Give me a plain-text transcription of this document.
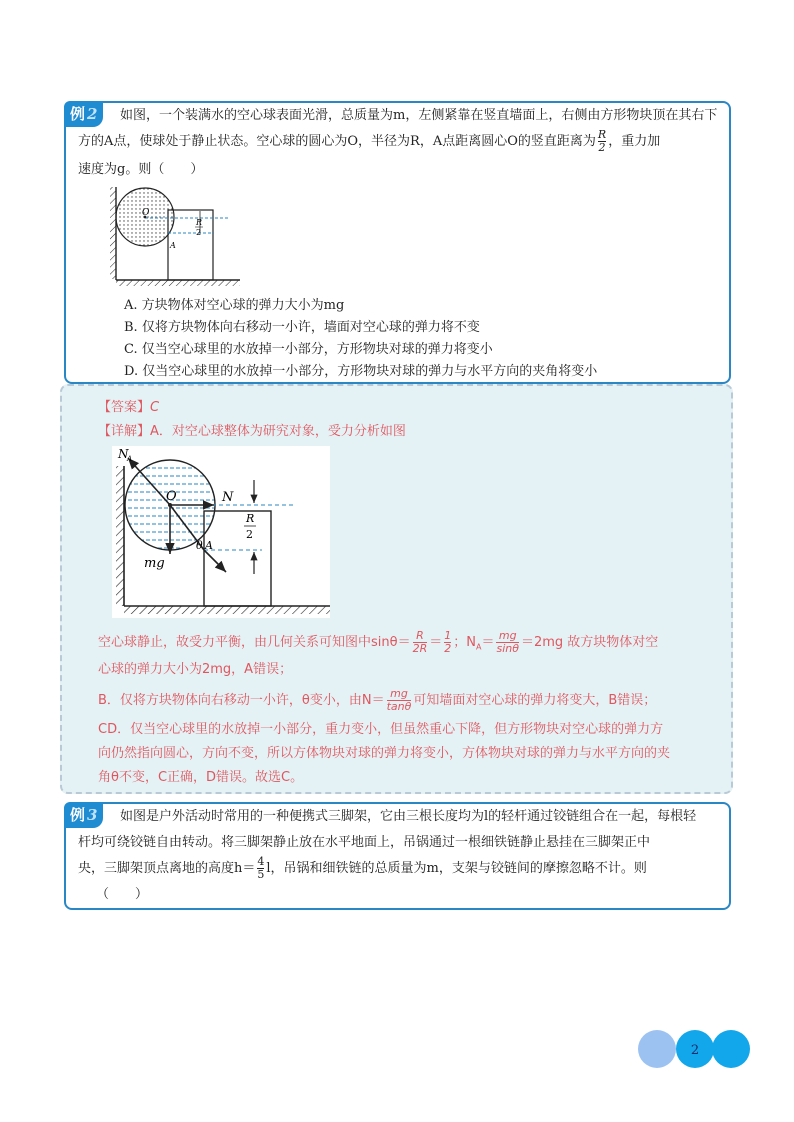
例 2	如图，一个装满水的空心球表面光滑，总质量为m，左侧紧靠在竖直墙面上，右侧由方形物块顶在其右下
方的A点，使球处于静止状态。空心球的圆心为O，半径为R，A点距离圆心O的竖直距离为 $\frac{R}{2}$ ，重力加
速度为g。则（　　）
O
A
R
2
A. 方块物体对空心球的弹力大小为mg
B. 仅将方块物体向右移动一小许，墙面对空心球的弹力将不变
C. 仅当空心球里的水放掉一小部分，方形物块对球的弹力将变小
D. 仅当空心球里的水放掉一小部分，方形物块对球的弹力与水平方向的夹角将变小
【答案】C
【详解】A．对空心球整体为研究对象，受力分析如图
N
A
O	N
mg
θ A
R
2
空心球静止，故受力平衡，由几何关系可知图中$\sin\theta= \frac{R}{2R} = \frac{1}{2}$ ；$N_A= \frac{mg}{\sin\theta} =2mg$ 故方块物体对空
心球的弹力大小为2mg，A错误；
B．仅将方块物体向右移动一小许，θ变小，由$N= \frac{mg}{\tan\theta}$ 可知墙面对空心球的弹力将变大，B错误；
CD．仅当空心球里的水放掉一小部分，重力变小，但虽然重心下降，但方形物块对空心球的弹力方
向仍然指向圆心，方向不变，所以方体物块对球的弹力将变小，方体物块对球的弹力与水平方向的夹
角θ不变，C正确，D错误。故选C。
例 3	如图是户外活动时常用的一种便携式三脚架，它由三根长度均为l的轻杆通过铰链组合在一起，每根轻
杆均可绕铰链自由转动。将三脚架静止放在水平地面上，吊锅通过一根细铁链静止悬挂在三脚架正中
央，三脚架顶点离地的高度$h= \frac{4}{5}$ l，吊锅和细铁链的总质量为m，支架与铰链间的摩擦忽略不计。则
（　　）
2
